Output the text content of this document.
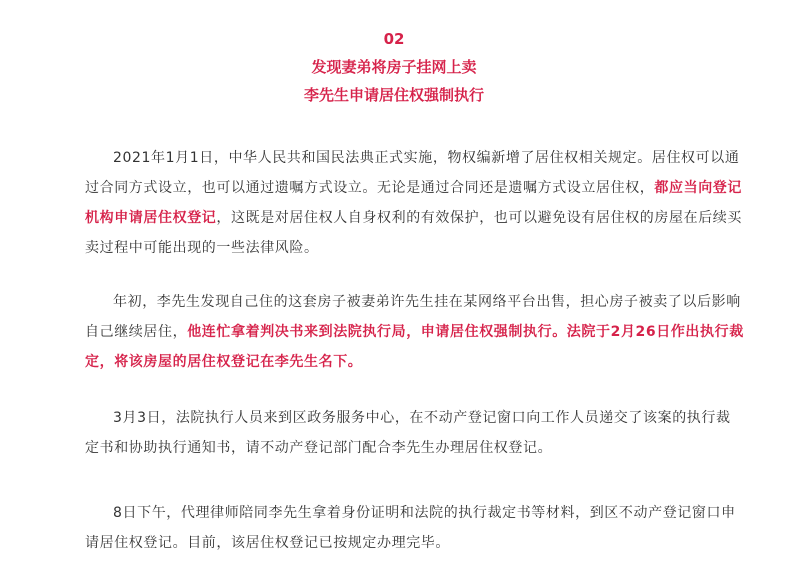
02
发现妻弟将房子挂网上卖
李先生申请居住权强制执行

2021年1月1日，中华人民共和国民法典正式实施，物权编新增了居住权相关规定。居住权可以通过合同方式设立，也可以通过遗嘱方式设立。无论是通过合同还是遗嘱方式设立居住权，都应当向登记机构申请居住权登记，这既是对居住权人自身权利的有效保护，也可以避免设有居住权的房屋在后续买卖过程中可能出现的一些法律风险。

年初，李先生发现自己住的这套房子被妻弟许先生挂在某网络平台出售，担心房子被卖了以后影响自己继续居住，他连忙拿着判决书来到法院执行局，申请居住权强制执行。法院于2月26日作出执行裁定，将该房屋的居住权登记在李先生名下。

3月3日，法院执行人员来到区政务服务中心，在不动产登记窗口向工作人员递交了该案的执行裁定书和协助执行通知书，请不动产登记部门配合李先生办理居住权登记。

8日下午，代理律师陪同李先生拿着身份证明和法院的执行裁定书等材料，到区不动产登记窗口申请居住权登记。目前，该居住权登记已按规定办理完毕。
